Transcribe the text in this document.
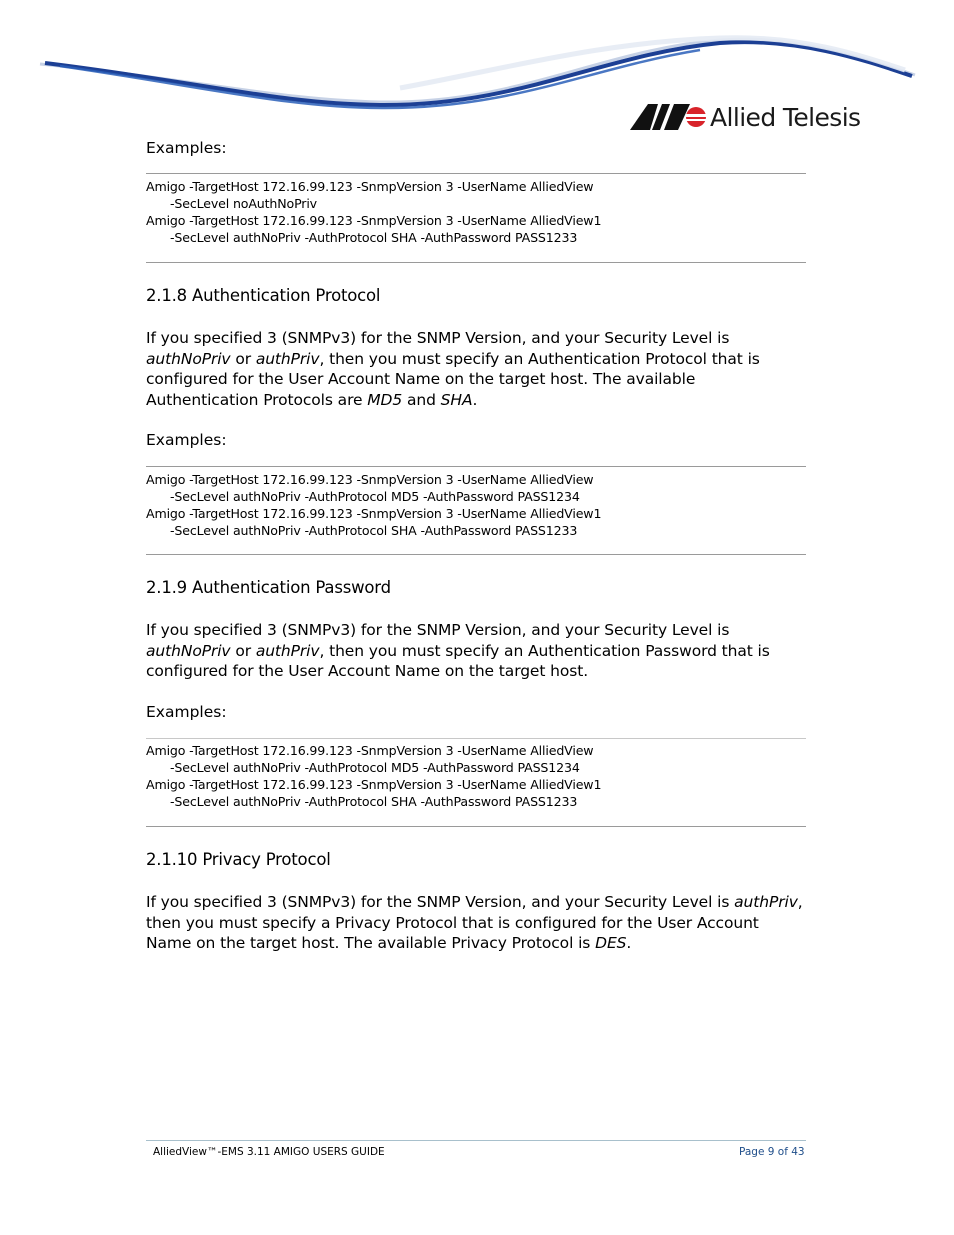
Allied Telesis

Examples:

Amigo -TargetHost 172.16.99.123 -SnmpVersion 3 -UserName AlliedView
-SecLevel noAuthNoPriv
Amigo -TargetHost 172.16.99.123 -SnmpVersion 3 -UserName AlliedView1
-SecLevel authNoPriv -AuthProtocol SHA -AuthPassword PASS1233
2.1.8 Authentication Protocol

If you specified 3 (SNMPv3) for the SNMP Version, and your Security Level is authNoPriv or authPriv, then you must specify an Authentication Protocol that is configured for the User Account Name on the target host. The available Authentication Protocols are MD5 and SHA.

Examples:

Amigo -TargetHost 172.16.99.123 -SnmpVersion 3 -UserName AlliedView
-SecLevel authNoPriv -AuthProtocol MD5 -AuthPassword PASS1234
Amigo -TargetHost 172.16.99.123 -SnmpVersion 3 -UserName AlliedView1
-SecLevel authNoPriv -AuthProtocol SHA -AuthPassword PASS1233
2.1.9 Authentication Password

If you specified 3 (SNMPv3) for the SNMP Version, and your Security Level is authNoPriv or authPriv, then you must specify an Authentication Password that is configured for the User Account Name on the target host.

Examples:

Amigo -TargetHost 172.16.99.123 -SnmpVersion 3 -UserName AlliedView
-SecLevel authNoPriv -AuthProtocol MD5 -AuthPassword PASS1234
Amigo -TargetHost 172.16.99.123 -SnmpVersion 3 -UserName AlliedView1
-SecLevel authNoPriv -AuthProtocol SHA -AuthPassword PASS1233
2.1.10 Privacy Protocol

If you specified 3 (SNMPv3) for the SNMP Version, and your Security Level is authPriv, then you must specify a Privacy Protocol that is configured for the User Account Name on the target host. The available Privacy Protocol is DES.

AlliedView™-EMS 3.11 AMIGO USERS GUIDE	Page 9 of 43
